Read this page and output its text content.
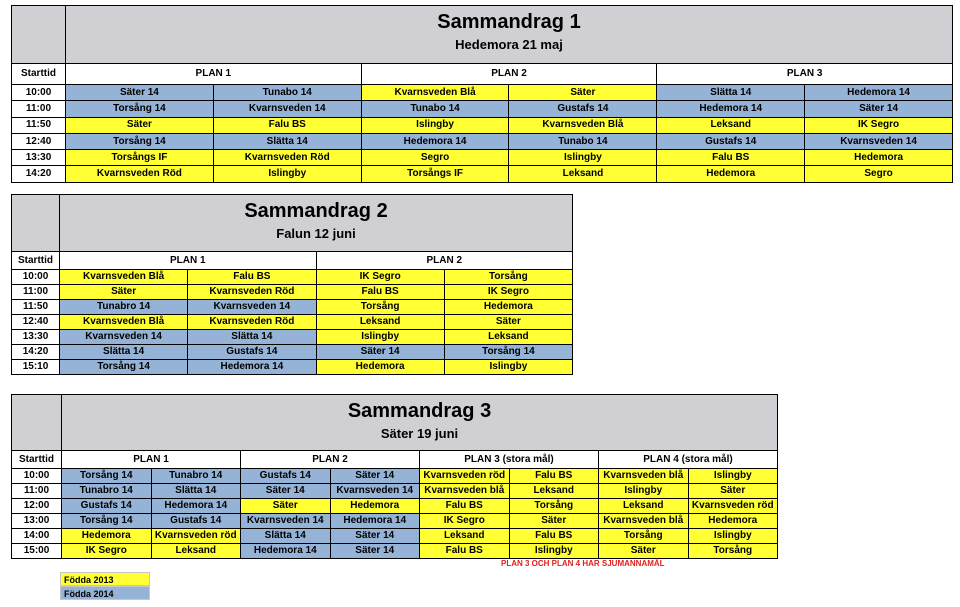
	Sammandrag 1
Hedemora 21 maj					

Starttid	PLAN 1		PLAN 2		PLAN 3	
10:00	Säter 14	Tunabo 14	Kvarnsveden Blå	Säter	Slätta 14	Hedemora 14
11:00	Torsång 14	Kvarnsveden 14	Tunabo 14	Gustafs 14	Hedemora 14	Säter 14
11:50	Säter	Falu BS	Islingby	Kvarnsveden Blå	Leksand	IK Segro
12:40	Torsång 14	Slätta 14	Hedemora 14	Tunabo 14	Gustafs 14	Kvarnsveden 14
13:30	Torsångs IF	Kvarnsveden Röd	Segro	Islingby	Falu BS	Hedemora
14:20	Kvarnsveden Röd	Islingby	Torsångs IF	Leksand	Hedemora	Segro

	Sammandrag 2
Falun 12 juni			

Starttid	PLAN 1		PLAN 2	
10:00	Kvarnsveden Blå	Falu BS	IK Segro	Torsång
11:00	Säter	Kvarnsveden Röd	Falu BS	IK Segro
11:50	Tunabro 14	Kvarnsveden 14	Torsång	Hedemora
12:40	Kvarnsveden Blå	Kvarnsveden Röd	Leksand	Säter
13:30	Kvarnsveden 14	Slätta 14	Islingby	Leksand
14:20	Slätta 14	Gustafs 14	Säter 14	Torsång 14
15:10	Torsång 14	Hedemora 14	Hedemora	Islingby

	Sammandrag 3
Säter 19 juni							

Starttid	PLAN 1		PLAN 2		PLAN 3 (stora mål)		PLAN 4 (stora mål)	
10:00	Torsång 14	Tunabro 14	Gustafs 14	Säter 14	Kvarnsveden röd	Falu BS	Kvarnsveden blå	Islingby
11:00	Tunabro 14	Slätta 14	Säter 14	Kvarnsveden 14	Kvarnsveden blå	Leksand	Islingby	Säter
12:00	Gustafs 14	Hedemora 14	Säter	Hedemora	Falu BS	Torsång	Leksand	Kvarnsveden röd
13:00	Torsång 14	Gustafs 14	Kvarnsveden 14	Hedemora 14	IK Segro	Säter	Kvarnsveden blå	Hedemora
14:00	Hedemora	Kvarnsveden röd	Slätta 14	Säter 14	Leksand	Falu BS	Torsång	Islingby
15:00	IK Segro	Leksand	Hedemora 14	Säter 14	Falu BS	Islingby	Säter	Torsång
PLAN 3 OCH PLAN 4 HAR SJUMANNAMÅL
Födda 2013
Födda 2014
